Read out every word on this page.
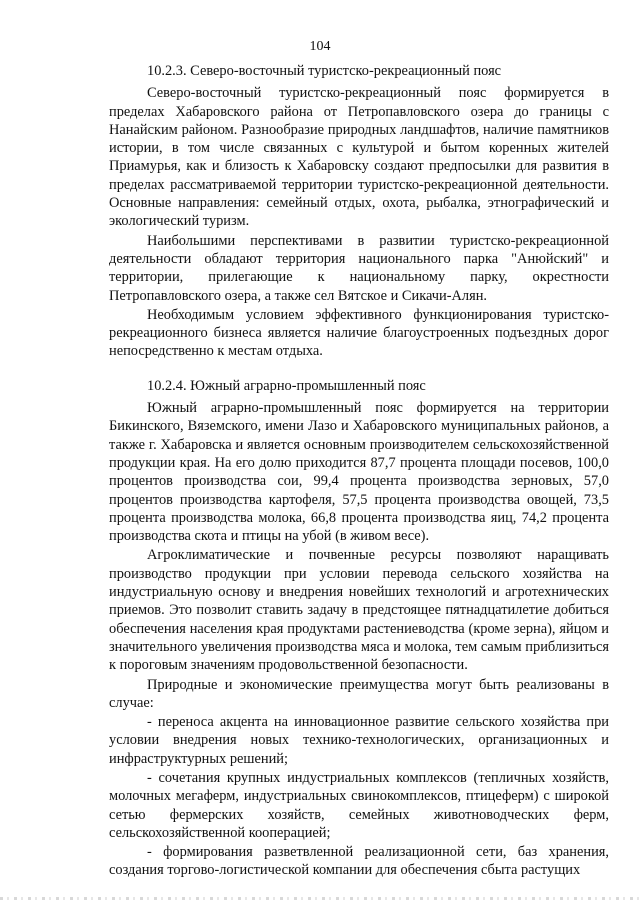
104

10.2.3. Северо-восточный туристско-рекреационный пояс

Северо-восточный туристско-рекреационный пояс формируется в пределах Хабаровского района от Петропавловского озера до границы с Нанайским районом. Разнообразие природных ландшафтов, наличие памятников истории, в том числе связанных с культурой и бытом коренных жителей Приамурья, как и близость к Хабаровску создают предпосылки для развития в пределах рассматриваемой территории туристско-рекреационной деятельности. Основные направления: семейный отдых, охота, рыбалка, этнографический и экологический туризм.

Наибольшими перспективами в развитии туристско-рекреационной деятельности обладают территория национального парка "Анюйский" и территории, прилегающие к национальному парку, окрестности Петропавловского озера, а также сел Вятское и Сикачи-Алян.

Необходимым условием эффективного функционирования туристско-рекреационного бизнеса является наличие благоустроенных подъездных дорог непосредственно к местам отдыха.

10.2.4. Южный аграрно-промышленный пояс

Южный аграрно-промышленный пояс формируется на территории Бикинского, Вяземского, имени Лазо и Хабаровского муниципальных районов, а также г. Хабаровска и является основным производителем сельскохозяйственной продукции края. На его долю приходится 87,7 процента площади посевов, 100,0 процентов производства сои, 99,4 процента производства зерновых, 57,0 процентов производства картофеля, 57,5 процента производства овощей, 73,5 процента производства молока, 66,8 процента производства яиц, 74,2 процента производства скота и птицы на убой (в живом весе).

Агроклиматические и почвенные ресурсы позволяют наращивать производство продукции при условии перевода сельского хозяйства на индустриальную основу и внедрения новейших технологий и агротехнических приемов. Это позволит ставить задачу в предстоящее пятнадцатилетие добиться обеспечения населения края продуктами растениеводства (кроме зерна), яйцом и значительного увеличения производства мяса и молока, тем самым приблизиться к пороговым значениям продовольственной безопасности.

Природные и экономические преимущества могут быть реализованы в случае:

- переноса акцента на инновационное развитие сельского хозяйства при условии внедрения новых технико-технологических, организационных и инфраструктурных решений;

- сочетания крупных индустриальных комплексов (тепличных хозяйств, молочных мегаферм, индустриальных свинокомплексов, птицеферм) с широкой сетью фермерских хозяйств, семейных животноводческих ферм, сельскохозяйственной кооперацией;

- формирования разветвленной реализационной сети, баз хранения, создания торгово-логистической компании для обеспечения сбыта растущих
